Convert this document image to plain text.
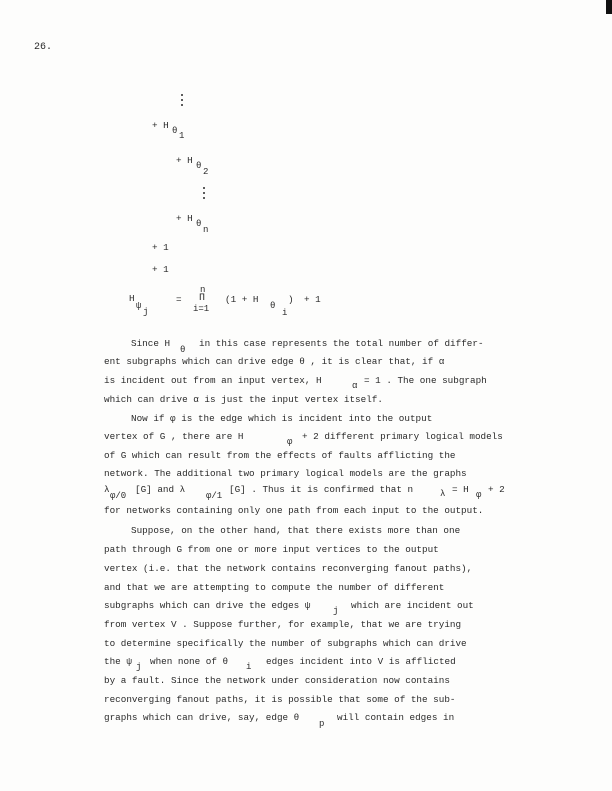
26.
+ H θ 1
+ H θ
2
+ H θ
n
+ 1
+ 1
n
H
ψ
j
= Π
i=1
(1 + H
θ
i
) + 1
Since H
θ
in this case represents the total number of differ-
ent subgraphs which can drive edge θ , it is clear that, if α
is incident out from an input vertex, H	α = 1 . The one subgraph
which can drive α is just the input vertex itself.
Now if φ is the edge which is incident into the output
vertex of G , there are H	φ + 2 different primary logical models
of G which can result from the effects of faults afflicting the
network. The additional two primary logical models are the graphs
λ
φ/0
[G] and λ
φ/1
[G] . Thus it is confirmed that n	λ = H φ + 2
for networks containing only one path from each input to the output.
Suppose, on the other hand, that there exists more than one
path through G from one or more input vertices to the output
vertex (i.e. that the network contains reconverging fanout paths),
and that we are attempting to compute the number of different
subgraphs which can drive the edges ψ	j which are incident out
from vertex V . Suppose further, for example, that we are trying
to determine specifically the number of subgraphs which can drive
the ψ j when none of θ i edges incident into V is afflicted
by a fault. Since the network under consideration now contains
reconverging fanout paths, it is possible that some of the sub-
graphs which can drive, say, edge θ
p
will contain edges in
